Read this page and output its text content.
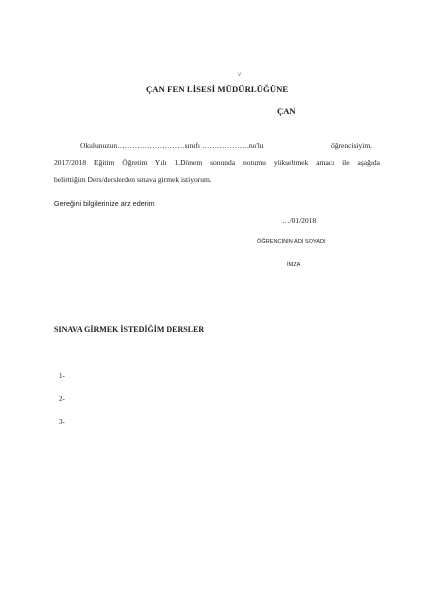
v
ÇAN FEN LİSESİ MÜDÜRLÜĞÜNE
ÇAN
Okulunuzun………………………sınıfı ……………….no'lu	öğrencisiyim.
2017/2018 Eğitim Öğretim Yılı 1.Dönem sonunda notumu yükseltmek amacı ile aşağıda
belirttiğim Ders/derslerden sınava girmek istiyorum.
Gereğini bilgilerinize arz ederim
…/01/2018
ÖĞRENCİNİN ADI SOYADI
İMZA
SINAVA GİRMEK İSTEDİĞİM DERSLER
1-
2-
3-
